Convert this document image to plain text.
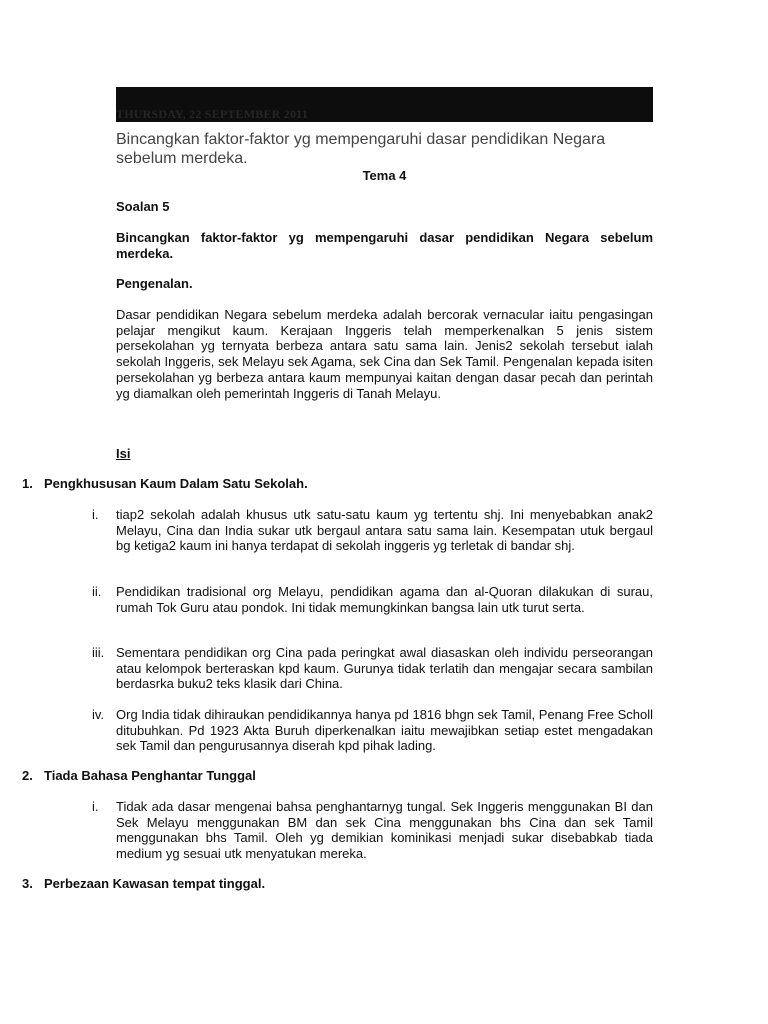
THURSDAY, 22 SEPTEMBER 2011
Bincangkan faktor-faktor yg mempengaruhi dasar pendidikan Negara sebelum merdeka.

Tema 4

Soalan 5

Bincangkan faktor-faktor yg mempengaruhi dasar pendidikan Negara sebelum merdeka.

Pengenalan.

Dasar pendidikan Negara sebelum merdeka adalah bercorak vernacular iaitu pengasingan pelajar mengikut kaum. Kerajaan Inggeris telah memperkenalkan 5 jenis sistem persekolahan yg ternyata berbeza antara satu sama lain. Jenis2 sekolah tersebut ialah sekolah Inggeris, sek Melayu sek Agama, sek Cina dan Sek Tamil. Pengenalan kepada isiten persekolahan yg berbeza antara kaum mempunyai kaitan dengan dasar pecah dan perintah yg diamalkan oleh pemerintah Inggeris di Tanah Melayu.

Isi

1. Pengkhususan Kaum Dalam Satu Sekolah.
i. tiap2 sekolah adalah khusus utk satu-satu kaum yg tertentu shj. Ini menyebabkan anak2 Melayu, Cina dan India sukar utk bergaul antara satu sama lain. Kesempatan utuk bergaul bg ketiga2 kaum ini hanya terdapat di sekolah inggeris yg terletak di bandar shj.
ii. Pendidikan tradisional org Melayu, pendidikan agama dan al-Quoran dilakukan di surau, rumah Tok Guru atau pondok. Ini tidak memungkinkan bangsa lain utk turut serta.
iii. Sementara pendidikan org Cina pada peringkat awal diasaskan oleh individu perseorangan atau kelompok berteraskan kpd kaum. Gurunya tidak terlatih dan mengajar secara sambilan berdasrka buku2 teks klasik dari China.
iv. Org India tidak dihiraukan pendidikannya hanya pd 1816 bhgn sek Tamil, Penang Free Scholl ditubuhkan. Pd 1923 Akta Buruh diperkenalkan iaitu mewajibkan setiap estet mengadakan sek Tamil dan pengurusannya diserah kpd pihak lading.
2. Tiada Bahasa Penghantar Tunggal
i. Tidak ada dasar mengenai bahsa penghantarnyg tungal. Sek Inggeris menggunakan BI dan Sek Melayu menggunakan BM dan sek Cina menggunakan bhs Cina dan sek Tamil menggunakan bhs Tamil. Oleh yg demikian kominikasi menjadi sukar disebabkab tiada medium yg sesuai utk menyatukan mereka.
3. Perbezaan Kawasan tempat tinggal.
